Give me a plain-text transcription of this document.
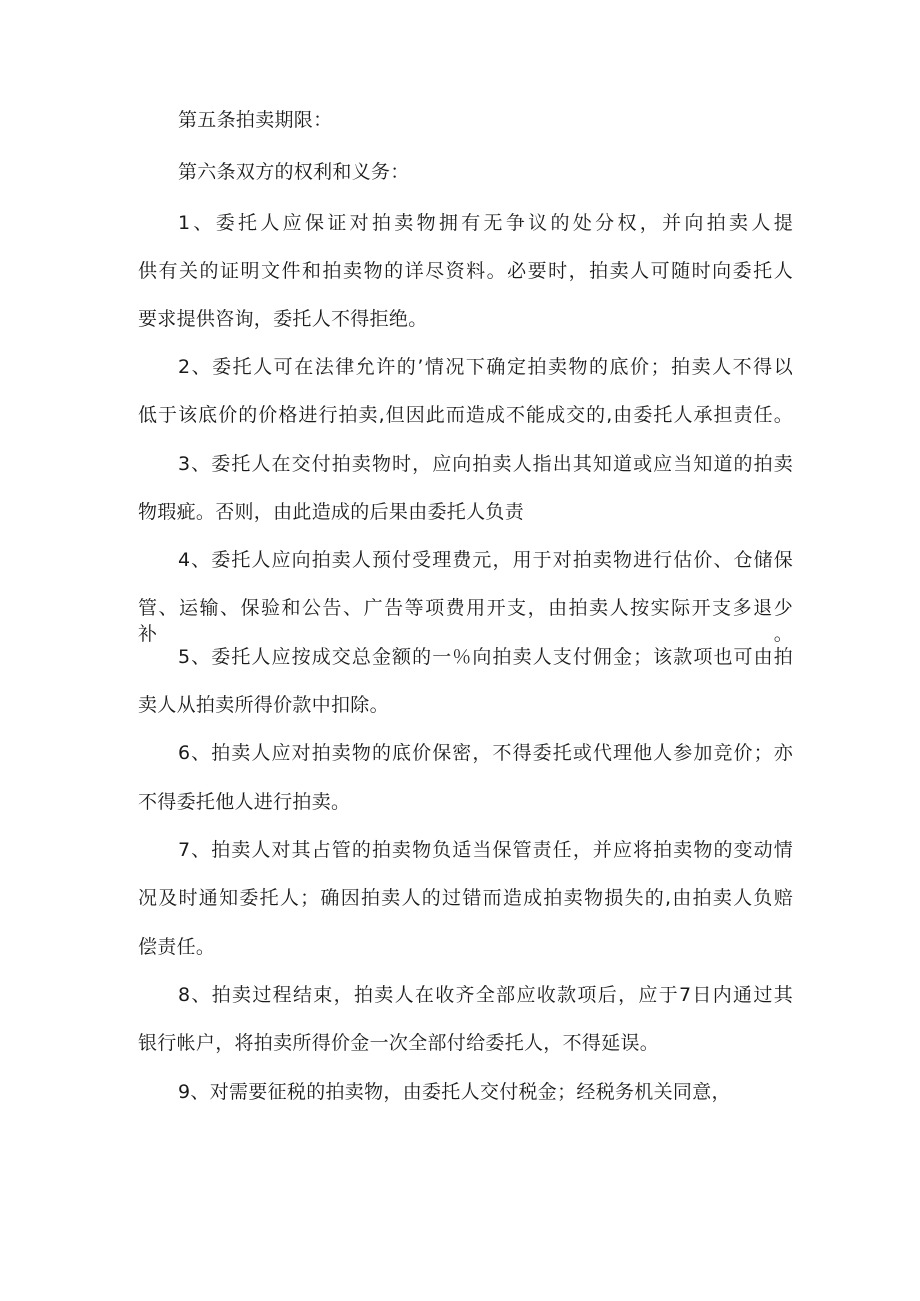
第五条拍卖期限：
第六条双方的权利和义务：
1、委托人应保证对拍卖物拥有无争议的处分权，并向拍卖人提
供有关的证明文件和拍卖物的详尽资料。必要时，拍卖人可随时向委托人
要求提供咨询，委托人不得拒绝。
2、委托人可在法律允许的’情况下确定拍卖物的底价；拍卖人不得以
低于该底价的价格进行拍卖,但因此而造成不能成交的,由委托人承担责任。
3、委托人在交付拍卖物时，应向拍卖人指出其知道或应当知道的拍卖
物瑕疵。否则，由此造成的后果由委托人负责
4、委托人应向拍卖人预付受理费元，用于对拍卖物进行估价、仓储保
管、运输、保验和公告、广告等项费用开支，由拍卖人按实际开支多退少补。
5、委托人应按成交总金额的一％向拍卖人支付佣金；该款项也可由拍
卖人从拍卖所得价款中扣除。
6、拍卖人应对拍卖物的底价保密，不得委托或代理他人参加竞价；亦
不得委托他人进行拍卖。
7、拍卖人对其占管的拍卖物负适当保管责任，并应将拍卖物的变动情
况及时通知委托人；确因拍卖人的过错而造成拍卖物损失的,由拍卖人负赔
偿责任。
8、拍卖过程结束，拍卖人在收齐全部应收款项后，应于7日内通过其
银行帐户，将拍卖所得价金一次全部付给委托人，不得延误。
9、对需要征税的拍卖物，由委托人交付税金；经税务机关同意，
